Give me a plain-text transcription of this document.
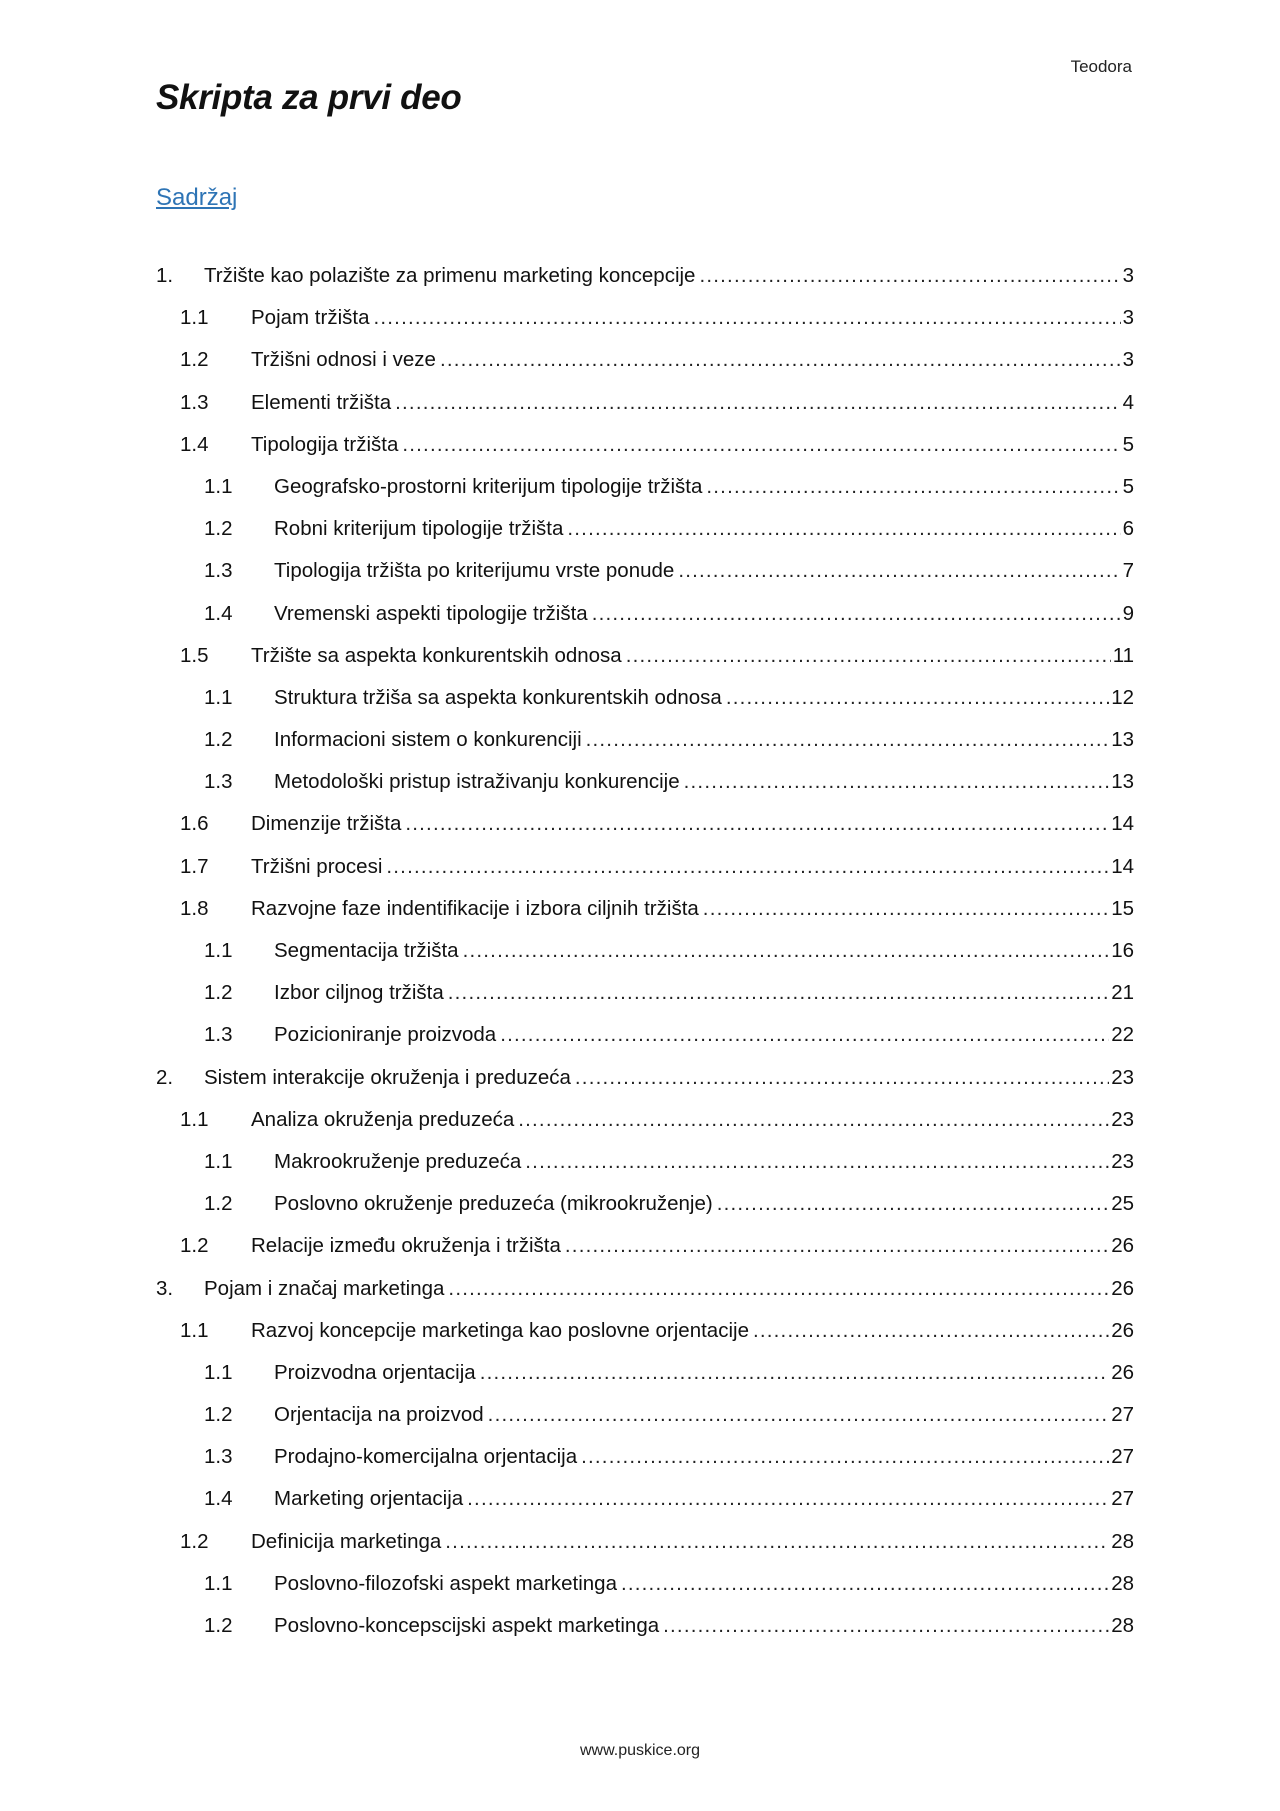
Teodora
Skripta za prvi deo
Sadržaj
1.	Tržište kao polazište za primenu marketing koncepcije .....	3
1.1	Pojam tržišta .....	3
1.2	Tržišni odnosi i veze .....	3
1.3	Elementi tržišta .....	4
1.4	Tipologija tržišta .....	5
1.1	Geografsko-prostorni kriterijum tipologije tržišta .....	5
1.2	Robni kriterijum tipologije tržišta .....	6
1.3	Tipologija tržišta po kriterijumu vrste ponude .....	7
1.4	Vremenski aspekti tipologije tržišta .....	9
1.5	Tržište sa aspekta konkurentskih odnosa .....	11
1.1	Struktura tržiša sa aspekta konkurentskih odnosa .....	12
1.2	Informacioni sistem o konkurenciji .....	13
1.3	Metodološki pristup istraživanju konkurencije .....	13
1.6	Dimenzije tržišta .....	14
1.7	Tržišni procesi .....	14
1.8	Razvojne faze indentifikacije i izbora ciljnih tržišta .....	15
1.1	Segmentacija tržišta .....	16
1.2	Izbor ciljnog tržišta .....	21
1.3	Pozicioniranje proizvoda .....	22
2.	Sistem interakcije okruženja i preduzeća .....	23
1.1	Analiza okruženja preduzeća .....	23
1.1	Makrookruženje preduzeća .....	23
1.2	Poslovno okruženje preduzeća (mikrookruženje) .....	25
1.2	Relacije između okruženja i tržišta .....	26
3.	Pojam i značaj marketinga .....	26
1.1	Razvoj koncepcije marketinga kao poslovne orjentacije .....	26
1.1	Proizvodna orjentacija .....	26
1.2	Orjentacija na proizvod .....	27
1.3	Prodajno-komercijalna orjentacija .....	27
1.4	Marketing orjentacija .....	27
1.2	Definicija marketinga .....	28
1.1	Poslovno-filozofski aspekt marketinga .....	28
1.2	Poslovno-koncepscijski aspekt marketinga .....	28
www.puskice.org
